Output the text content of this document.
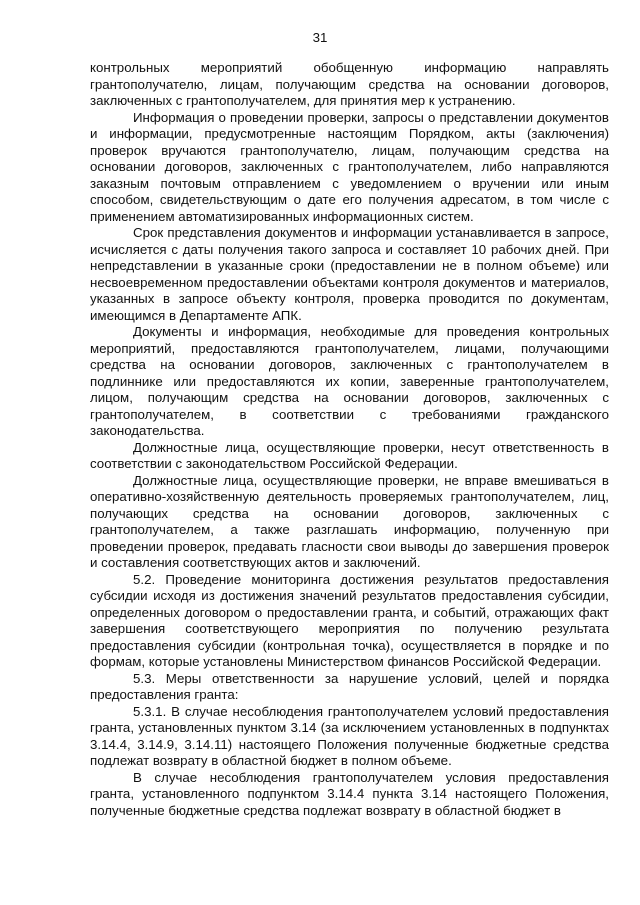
31

контрольных мероприятий обобщенную информацию направлять грантополучателю, лицам, получающим средства на основании договоров, заключенных с грантополучателем, для принятия мер к устранению.

Информация о проведении проверки, запросы о представлении документов и информации, предусмотренные настоящим Порядком, акты (заключения) проверок вручаются грантополучателю, лицам, получающим средства на основании договоров, заключенных с грантополучателем, либо направляются заказным почтовым отправлением с уведомлением о вручении или иным способом, свидетельствующим о дате его получения адресатом, в том числе с применением автоматизированных информационных систем.

Срок представления документов и информации устанавливается в запросе, исчисляется с даты получения такого запроса и составляет 10 рабочих дней. При непредставлении в указанные сроки (предоставлении не в полном объеме) или несвоевременном предоставлении объектами контроля документов и материалов, указанных в запросе объекту контроля, проверка проводится по документам, имеющимся в Департаменте АПК.

Документы и информация, необходимые для проведения контрольных мероприятий, предоставляются грантополучателем, лицами, получающими средства на основании договоров, заключенных с грантополучателем в подлиннике или предоставляются их копии, заверенные грантополучателем, лицом, получающим средства на основании договоров, заключенных с грантополучателем, в соответствии с требованиями гражданского законодательства.

Должностные лица, осуществляющие проверки, несут ответственность в соответствии с законодательством Российской Федерации.

Должностные лица, осуществляющие проверки, не вправе вмешиваться в оперативно-хозяйственную деятельность проверяемых грантополучателем, лиц, получающих средства на основании договоров, заключенных с грантополучателем, а также разглашать информацию, полученную при проведении проверок, предавать гласности свои выводы до завершения проверок и составления соответствующих актов и заключений.

5.2. Проведение мониторинга достижения результатов предоставления субсидии исходя из достижения значений результатов предоставления субсидии, определенных договором о предоставлении гранта, и событий, отражающих факт завершения соответствующего мероприятия по получению результата предоставления субсидии (контрольная точка), осуществляется в порядке и по формам, которые установлены Министерством финансов Российской Федерации.

5.3. Меры ответственности за нарушение условий, целей и порядка предоставления гранта:

5.3.1. В случае несоблюдения грантополучателем условий предоставления гранта, установленных пунктом 3.14 (за исключением установленных в подпунктах 3.14.4, 3.14.9, 3.14.11) настоящего Положения полученные бюджетные средства подлежат возврату в областной бюджет в полном объеме.

В случае несоблюдения грантополучателем условия предоставления гранта, установленного подпунктом 3.14.4 пункта 3.14 настоящего Положения, полученные бюджетные средства подлежат возврату в областной бюджет в
